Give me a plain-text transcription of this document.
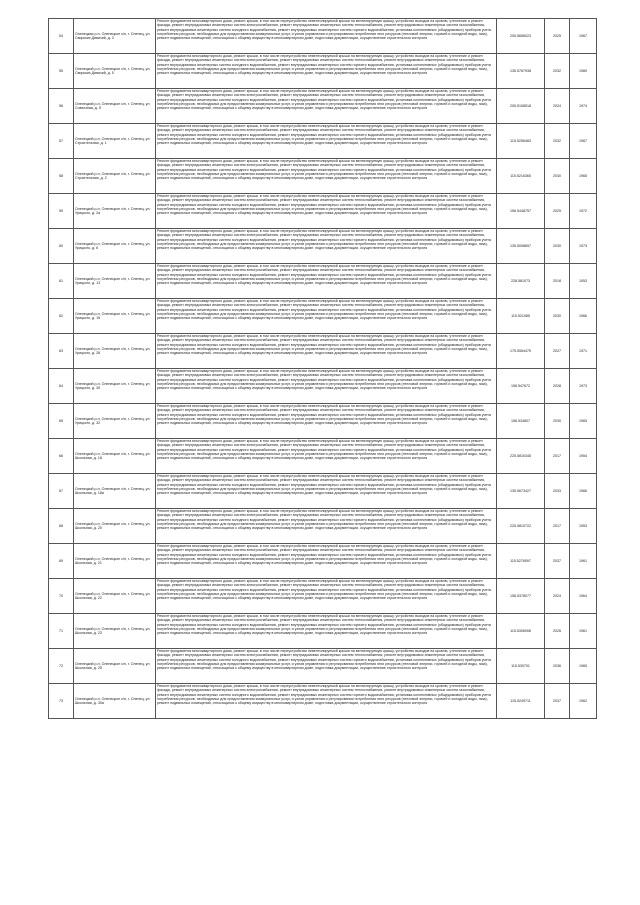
54	Оленецкая р-н, Оленецкое с/п, г. Оленец, ул. Свирских Дивизий, д. 3	Ремонт фундамента многоквартирного дома, ремонт крыши, в том числе переустройство невентилируемой крыши на вентилируемую крышу, устройство выходов на кровлю, утепление и ремонт фасада, ремонт внутридомовых инженерных систем электроснабжения, ремонт внутридомовых инженерных систем теплоснабжения, ремонт внутридомовых инженерных систем газоснабжения, ремонт внутридомовых инженерных систем холодного водоснабжения, ремонт внутридомовых инженерных систем горячего водоснабжения, установка коллективных (общедомовых) приборов учета потребления ресурсов, необходимых для предоставления коммунальных услуг, и узлов управления и регулирования потребления этих ресурсов (тепловой энергии, горячей и холодной воды, газа), ремонт подвальных помещений, относящихся к общему имуществу в многоквартирном доме, подготовка документации, осуществление строительного контроля	205.5656023	2025	1967
55	Оленецкий р-н, Оленецкое с/п, г. Оленец, ул. Свирских Дивизий, д. 5	Ремонт фундамента многоквартирного дома, ремонт крыши, в том числе переустройство невентилируемой крыши на вентилируемую крышу, устройство выходов на кровлю, утепление и ремонт фасада, ремонт внутридомовых инженерных систем электроснабжения, ремонт внутридомовых инженерных систем теплоснабжения, ремонт внутридомовых инженерных систем газоснабжения, ремонт внутридомовых инженерных систем холодного водоснабжения, ремонт внутридомовых инженерных систем горячего водоснабжения, установка коллективных (общедомовых) приборов учета потребления ресурсов, необходимых для предоставления коммунальных услуг, и узлов управления и регулирования потребления этих ресурсов (тепловой энергии, горячей и холодной воды, газа), ремонт подвальных помещений, относящихся к общему имуществу в многоквартирном доме, подготовка документации, осуществление строительного контроля	135.5767938	2032	1980
56	Оленецкий р-н, Оленецкое с/п, г. Оленец, ул. Совхозная, д. 5	Ремонт фундамента многоквартирного дома, ремонт крыши, в том числе переустройство невентилируемой крыши на вентилируемую крышу, устройство выходов на кровлю, утепление и ремонт фасада, ремонт внутридомовых инженерных систем электроснабжения, ремонт внутридомовых инженерных систем теплоснабжения, ремонт внутридомовых инженерных систем газоснабжения, ремонт внутридомовых инженерных систем холодного водоснабжения, ремонт внутридомовых инженерных систем горячего водоснабжения, установка коллективных (общедомовых) приборов учета потребления ресурсов, необходимых для предоставления коммунальных услуг, и узлов управления и регулирования потребления этих ресурсов (тепловой энергии, горячей и холодной воды, газа), ремонт подвальных помещений, относящихся к общему имуществу в многоквартирном доме, подготовка документации, осуществление строительного контроля	205.5108518	2024	1974
57	Оленецкий р-н, Оленецкое с/п, г. Оленец, ул. Строительная, д. 1	Ремонт фундамента многоквартирного дома, ремонт крыши, в том числе переустройство невентилируемой крыши на вентилируемую крышу, устройство выходов на кровлю, утепление и ремонт фасада, ремонт внутридомовых инженерных систем электроснабжения, ремонт внутридомовых инженерных систем теплоснабжения, ремонт внутридомовых инженерных систем газоснабжения, ремонт внутридомовых инженерных систем холодного водоснабжения, ремонт внутридомовых инженерных систем горячего водоснабжения, установка коллективных (общедомовых) приборов учета потребления ресурсов, необходимых для предоставления коммунальных услуг, и узлов управления и регулирования потребления этих ресурсов (тепловой энергии, горячей и холодной воды, газа), ремонт подвальных помещений, относящихся к общему имуществу в многоквартирном доме, подготовка документации, осуществление строительного контроля	115.5256483	2032	1967
58	Оленецкий р-н, Оленецкое с/п, г. Оленец, ул. Строительная, д. 2	Ремонт фундамента многоквартирного дома, ремонт крыши, в том числе переустройство невентилируемой крыши на вентилируемую крышу, устройство выходов на кровлю, утепление и ремонт фасада, ремонт внутридомовых инженерных систем электроснабжения, ремонт внутридомовых инженерных систем теплоснабжения, ремонт внутридомовых инженерных систем газоснабжения, ремонт внутридомовых инженерных систем холодного водоснабжения, ремонт внутридомовых инженерных систем горячего водоснабжения, установка коллективных (общедомовых) приборов учета потребления ресурсов, необходимых для предоставления коммунальных услуг, и узлов управления и регулирования потребления этих ресурсов (тепловой энергии, горячей и холодной воды, газа), ремонт подвальных помещений, относящихся к общему имуществу в многоквартирном доме, подготовка документации, осуществление строительного контроля	115.5216365	2030	1965
59	Оленецкий р-н, Оленецкое с/п, г. Оленец, ул. Урицкого, д. 2а	Ремонт фундамента многоквартирного дома, ремонт крыши, в том числе переустройство невентилируемой крыши на вентилируемую крышу, устройство выходов на кровлю, утепление и ремонт фасада, ремонт внутридомовых инженерных систем электроснабжения, ремонт внутридомовых инженерных систем теплоснабжения, ремонт внутридомовых инженерных систем газоснабжения, ремонт внутридомовых инженерных систем холодного водоснабжения, ремонт внутридомовых инженерных систем горячего водоснабжения, установка коллективных (общедомовых) приборов учета потребления ресурсов, необходимых для предоставления коммунальных услуг, и узлов управления и регулирования потребления этих ресурсов (тепловой энергии, горячей и холодной воды, газа), ремонт подвальных помещений, относящихся к общему имуществу в многоквартирном доме, подготовка документации, осуществление строительного контроля	156.5448757	2029	1972
60	Оленецкий р-н, Оленецкое с/п, г. Оленец, ул. Урицкого, д. 6	Ремонт фундамента многоквартирного дома, ремонт крыши, в том числе переустройство невентилируемой крыши на вентилируемую крышу, устройство выходов на кровлю, утепление и ремонт фасада, ремонт внутридомовых инженерных систем электроснабжения, ремонт внутридомовых инженерных систем теплоснабжения, ремонт внутридомовых инженерных систем газоснабжения, ремонт внутридомовых инженерных систем холодного водоснабжения, ремонт внутридомовых инженерных систем горячего водоснабжения, установка коллективных (общедомовых) приборов учета потребления ресурсов, необходимых для предоставления коммунальных услуг, и узлов управления и регулирования потребления этих ресурсов (тепловой энергии, горячей и холодной воды, газа), ремонт подвальных помещений, относящихся к общему имуществу в многоквартирном доме, подготовка документации, осуществление строительного контроля	135.5008657	2030	1973
61	Оленецкий р-н, Оленецкое с/п, г. Оленец, ул. Урицкого, д. 13	Ремонт фундамента многоквартирного дома, ремонт крыши, в том числе переустройство невентилируемой крыши на вентилируемую крышу, устройство выходов на кровлю, утепление и ремонт фасада, ремонт внутридомовых инженерных систем электроснабжения, ремонт внутридомовых инженерных систем теплоснабжения, ремонт внутридомовых инженерных систем газоснабжения, ремонт внутридомовых инженерных систем холодного водоснабжения, ремонт внутридомовых инженерных систем горячего водоснабжения, установка коллективных (общедомовых) приборов учета потребления ресурсов, необходимых для предоставления коммунальных услуг, и узлов управления и регулирования потребления этих ресурсов (тепловой энергии, горячей и холодной воды, газа), ремонт подвальных помещений, относящихся к общему имуществу в многоквартирном доме, подготовка документации, осуществление строительного контроля	228.581073	2018	1953
62	Оленецкий р-н, Оленецкое с/п, г. Оленец, ул. Урицкого, д. 15	Ремонт фундамента многоквартирного дома, ремонт крыши, в том числе переустройство невентилируемой крыши на вентилируемую крышу, устройство выходов на кровлю, утепление и ремонт фасада, ремонт внутридомовых инженерных систем электроснабжения, ремонт внутридомовых инженерных систем теплоснабжения, ремонт внутридомовых инженерных систем газоснабжения, ремонт внутридомовых инженерных систем холодного водоснабжения, ремонт внутридомовых инженерных систем горячего водоснабжения, установка коллективных (общедомовых) приборов учета потребления ресурсов, необходимых для предоставления коммунальных услуг, и узлов управления и регулирования потребления этих ресурсов (тепловой энергии, горячей и холодной воды, газа), ремонт подвальных помещений, относящихся к общему имуществу в многоквартирном доме, подготовка документации, осуществление строительного контроля	115.521985	2030	1966
63	Оленецкий р-н, Оленецкое с/п, г. Оленец, ул. Урицкого, д. 26	Ремонт фундамента многоквартирного дома, ремонт крыши, в том числе переустройство невентилируемой крыши на вентилируемую крышу, устройство выходов на кровлю, утепление и ремонт фасада, ремонт внутридомовых инженерных систем электроснабжения, ремонт внутридомовых инженерных систем теплоснабжения, ремонт внутридомовых инженерных систем газоснабжения, ремонт внутридомовых инженерных систем холодного водоснабжения, ремонт внутридомовых инженерных систем горячего водоснабжения, установка коллективных (общедомовых) приборов учета потребления ресурсов, необходимых для предоставления коммунальных услуг, и узлов управления и регулирования потребления этих ресурсов (тепловой энергии, горячей и холодной воды, газа), ремонт подвальных помещений, относящихся к общему имуществу в многоквартирном доме, подготовка документации, осуществление строительного контроля	175.5554475	2027	1971
64	Оленецкий р-н, Оленецкое с/п, г. Оленец, ул. Урицкого, д. 30	Ремонт фундамента многоквартирного дома, ремонт крыши, в том числе переустройство невентилируемой крыши на вентилируемую крышу, устройство выходов на кровлю, утепление и ремонт фасада, ремонт внутридомовых инженерных систем электроснабжения, ремонт внутридомовых инженерных систем теплоснабжения, ремонт внутридомовых инженерных систем газоснабжения, ремонт внутридомовых инженерных систем холодного водоснабжения, ремонт внутридомовых инженерных систем горячего водоснабжения, установка коллективных (общедомовых) приборов учета потребления ресурсов, необходимых для предоставления коммунальных услуг, и узлов управления и регулирования потребления этих ресурсов (тепловой энергии, горячей и холодной воды, газа), ремонт подвальных помещений, относящихся к общему имуществу в многоквартирном доме, подготовка документации, осуществление строительного контроля	156.547672	2028	1973
65	Оленецкий р-н, Оленецкое с/п, г. Оленец, ул. Урицкого, д. 32	Ремонт фундамента многоквартирного дома, ремонт крыши, в том числе переустройство невентилируемой крыши на вентилируемую крышу, устройство выходов на кровлю, утепление и ремонт фасада, ремонт внутридомовых инженерных систем электроснабжения, ремонт внутридомовых инженерных систем теплоснабжения, ремонт внутридомовых инженерных систем газоснабжения, ремонт внутридомовых инженерных систем холодного водоснабжения, ремонт внутридомовых инженерных систем горячего водоснабжения, установка коллективных (общедомовых) приборов учета потребления ресурсов, необходимых для предоставления коммунальных услуг, и узлов управления и регулирования потребления этих ресурсов (тепловой энергии, горячей и холодной воды, газа), ремонт подвальных помещений, относящихся к общему имуществу в многоквартирном доме, подготовка документации, осуществление строительного контроля	156.534807	2030	1965
66	Оленецкий р-н, Оленецкое с/п, г. Оленец, ул. Школьная, д. 18	Ремонт фундамента многоквартирного дома, ремонт крыши, в том числе переустройство невентилируемой крыши на вентилируемую крышу, устройство выходов на кровлю, утепление и ремонт фасада, ремонт внутридомовых инженерных систем электроснабжения, ремонт внутридомовых инженерных систем теплоснабжения, ремонт внутридомовых инженерных систем газоснабжения, ремонт внутридомовых инженерных систем холодного водоснабжения, ремонт внутридомовых инженерных систем горячего водоснабжения, установка коллективных (общедомовых) приборов учета потребления ресурсов, необходимых для предоставления коммунальных услуг, и узлов управления и регулирования потребления этих ресурсов (тепловой энергии, горячей и холодной воды, газа), ремонт подвальных помещений, относящихся к общему имуществу в многоквартирном доме, подготовка документации, осуществление строительного контроля	225.5810345	2017	1954
67	Оленецкий р-н, Оленецкое с/п, г. Оленец, ул. Школьная, д. 18а	Ремонт фундамента многоквартирного дома, ремонт крыши, в том числе переустройство невентилируемой крыши на вентилируемую крышу, устройство выходов на кровлю, утепление и ремонт фасада, ремонт внутридомовых инженерных систем электроснабжения, ремонт внутридомовых инженерных систем теплоснабжения, ремонт внутридомовых инженерных систем газоснабжения, ремонт внутридомовых инженерных систем холодного водоснабжения, ремонт внутридомовых инженерных систем горячего водоснабжения, установка коллективных (общедомовых) приборов учета потребления ресурсов, необходимых для предоставления коммунальных услуг, и узлов управления и регулирования потребления этих ресурсов (тепловой энергии, горячей и холодной воды, газа), ремонт подвальных помещений, относящихся к общему имуществу в многоквартирном доме, подготовка документации, осуществление строительного контроля	135.5673427	2033	1966
68	Оленецкий р-н, Оленецкое с/п, г. Оленец, ул. Школьная, д. 20	Ремонт фундамента многоквартирного дома, ремонт крыши, в том числе переустройство невентилируемой крыши на вентилируемую крышу, устройство выходов на кровлю, утепление и ремонт фасада, ремонт внутридомовых инженерных систем электроснабжения, ремонт внутридомовых инженерных систем теплоснабжения, ремонт внутридомовых инженерных систем газоснабжения, ремонт внутридомовых инженерных систем холодного водоснабжения, ремонт внутридомовых инженерных систем горячего водоснабжения, установка коллективных (общедомовых) приборов учета потребления ресурсов, необходимых для предоставления коммунальных услуг, и узлов управления и регулирования потребления этих ресурсов (тепловой энергии, горячей и холодной воды, газа), ремонт подвальных помещений, относящихся к общему имуществу в многоквартирном доме, подготовка документации, осуществление строительного контроля	225.5810722	2017	1953
69	Оленецкий р-н, Оленецкое с/п, г. Оленец, ул. Школьная, д. 21	Ремонт фундамента многоквартирного дома, ремонт крыши, в том числе переустройство невентилируемой крыши на вентилируемую крышу, устройство выходов на кровлю, утепление и ремонт фасада, ремонт внутридомовых инженерных систем электроснабжения, ремонт внутридомовых инженерных систем теплоснабжения, ремонт внутридомовых инженерных систем газоснабжения, ремонт внутридомовых инженерных систем холодного водоснабжения, ремонт внутридомовых инженерных систем горячего водоснабжения, установка коллективных (общедомовых) приборов учета потребления ресурсов, необходимых для предоставления коммунальных услуг, и узлов управления и регулирования потребления этих ресурсов (тепловой энергии, горячей и холодной воды, газа), ремонт подвальных помещений, относящихся к общему имуществу в многоквартирном доме, подготовка документации, осуществление строительного контроля	115.5276597	2037	1961
70	Оленецкий р-н, Оленецкое с/п, г. Оленец, ул. Школьная, д. 22	Ремонт фундамента многоквартирного дома, ремонт крыши, в том числе переустройство невентилируемой крыши на вентилируемую крышу, устройство выходов на кровлю, утепление и ремонт фасада, ремонт внутридомовых инженерных систем электроснабжения, ремонт внутридомовых инженерных систем теплоснабжения, ремонт внутридомовых инженерных систем газоснабжения, ремонт внутридомовых инженерных систем холодного водоснабжения, ремонт внутридомовых инженерных систем горячего водоснабжения, установка коллективных (общедомовых) приборов учета потребления ресурсов, необходимых для предоставления коммунальных услуг, и узлов управления и регулирования потребления этих ресурсов (тепловой энергии, горячей и холодной воды, газа), ремонт подвальных помещений, относящихся к общему имуществу в многоквартирном доме, подготовка документации, осуществление строительного контроля	156.5378077	2024	1964
71	Оленецкий р-н, Оленецкое с/п, г. Оленец, ул. Школьная, д. 23	Ремонт фундамента многоквартирного дома, ремонт крыши, в том числе переустройство невентилируемой крыши на вентилируемую крышу, устройство выходов на кровлю, утепление и ремонт фасада, ремонт внутридомовых инженерных систем электроснабжения, ремонт внутридомовых инженерных систем теплоснабжения, ремонт внутридомовых инженерных систем газоснабжения, ремонт внутридомовых инженерных систем холодного водоснабжения, ремонт внутридомовых инженерных систем горячего водоснабжения, установка коллективных (общедомовых) приборов учета потребления ресурсов, необходимых для предоставления коммунальных услуг, и узлов управления и регулирования потребления этих ресурсов (тепловой энергии, горячей и холодной воды, газа), ремонт подвальных помещений, относящихся к общему имуществу в многоквартирном доме, подготовка документации, осуществление строительного контроля	115.5306908	2026	1961
72	Оленецкий р-н, Оленецкое с/п, г. Оленец, ул. Школьная, д. 25	Ремонт фундамента многоквартирного дома, ремонт крыши, в том числе переустройство невентилируемой крыши на вентилируемую крышу, устройство выходов на кровлю, утепление и ремонт фасада, ремонт внутридомовых инженерных систем электроснабжения, ремонт внутридомовых инженерных систем теплоснабжения, ремонт внутридомовых инженерных систем газоснабжения, ремонт внутридомовых инженерных систем холодного водоснабжения, ремонт внутридомовых инженерных систем горячего водоснабжения, установка коллективных (общедомовых) приборов учета потребления ресурсов, необходимых для предоставления коммунальных услуг, и узлов управления и регулирования потребления этих ресурсов (тепловой энергии, горячей и холодной воды, газа), ремонт подвальных помещений, относящихся к общему имуществу в многоквартирном доме, подготовка документации, осуществление строительного контроля	115.530701	2036	1965
73	Оленецкий р-н, Оленецкое с/п, г. Оленец, ул. Школьная, д. 30а	Ремонт фундамента многоквартирного дома, ремонт крыши, в том числе переустройство невентилируемой крыши на вентилируемую крышу, устройство выходов на кровлю, утепление и ремонт фасада, ремонт внутридомовых инженерных систем электроснабжения, ремонт внутридомовых инженерных систем теплоснабжения, ремонт внутридомовых инженерных систем газоснабжения, ремонт внутридомовых инженерных систем холодного водоснабжения, ремонт внутридомовых инженерных систем горячего водоснабжения, установка коллективных (общедомовых) приборов учета потребления ресурсов, необходимых для предоставления коммунальных услуг, и узлов управления и регулирования потребления этих ресурсов (тепловой энергии, горячей и холодной воды, газа), ремонт подвальных помещений, относящихся к общему имуществу в многоквартирном доме, подготовка документации, осуществление строительного контроля	115.5249711	2037	1962
